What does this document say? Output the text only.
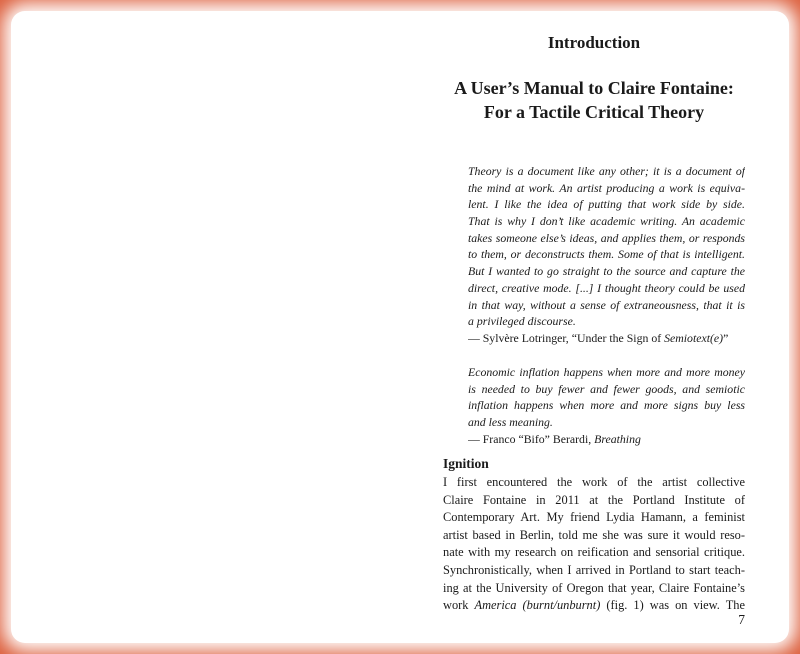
Introduction
A User’s Manual to Claire Fontaine:
For a Tactile Critical Theory
Theory is a document like any other; it is a document of
the mind at work. An artist producing a work is equiva-
lent. I like the idea of putting that work side by side.
That is why I don’t like academic writing. An academic
takes someone else’s ideas, and applies them, or responds
to them, or deconstructs them. Some of that is intelligent.
But I wanted to go straight to the source and capture the
direct, creative mode. [...] I thought theory could be used
in that way, without a sense of extraneousness, that it is
a privileged discourse.
— Sylvère Lotringer, “Under the Sign of Semiotext(e)”
Economic inflation happens when more and more money
is needed to buy fewer and fewer goods, and semiotic
inflation happens when more and more signs buy less
and less meaning.
— Franco “Bifo” Berardi, Breathing
Ignition
I first encountered the work of the artist collective
Claire Fontaine in 2011 at the Portland Institute of
Contemporary Art. My friend Lydia Hamann, a feminist
artist based in Berlin, told me she was sure it would reso-
nate with my research on reification and sensorial critique.
Synchronistically, when I arrived in Portland to start teach-
ing at the University of Oregon that year, Claire Fontaine’s
work America (burnt/unburnt) (fig. 1) was on view. The
7
